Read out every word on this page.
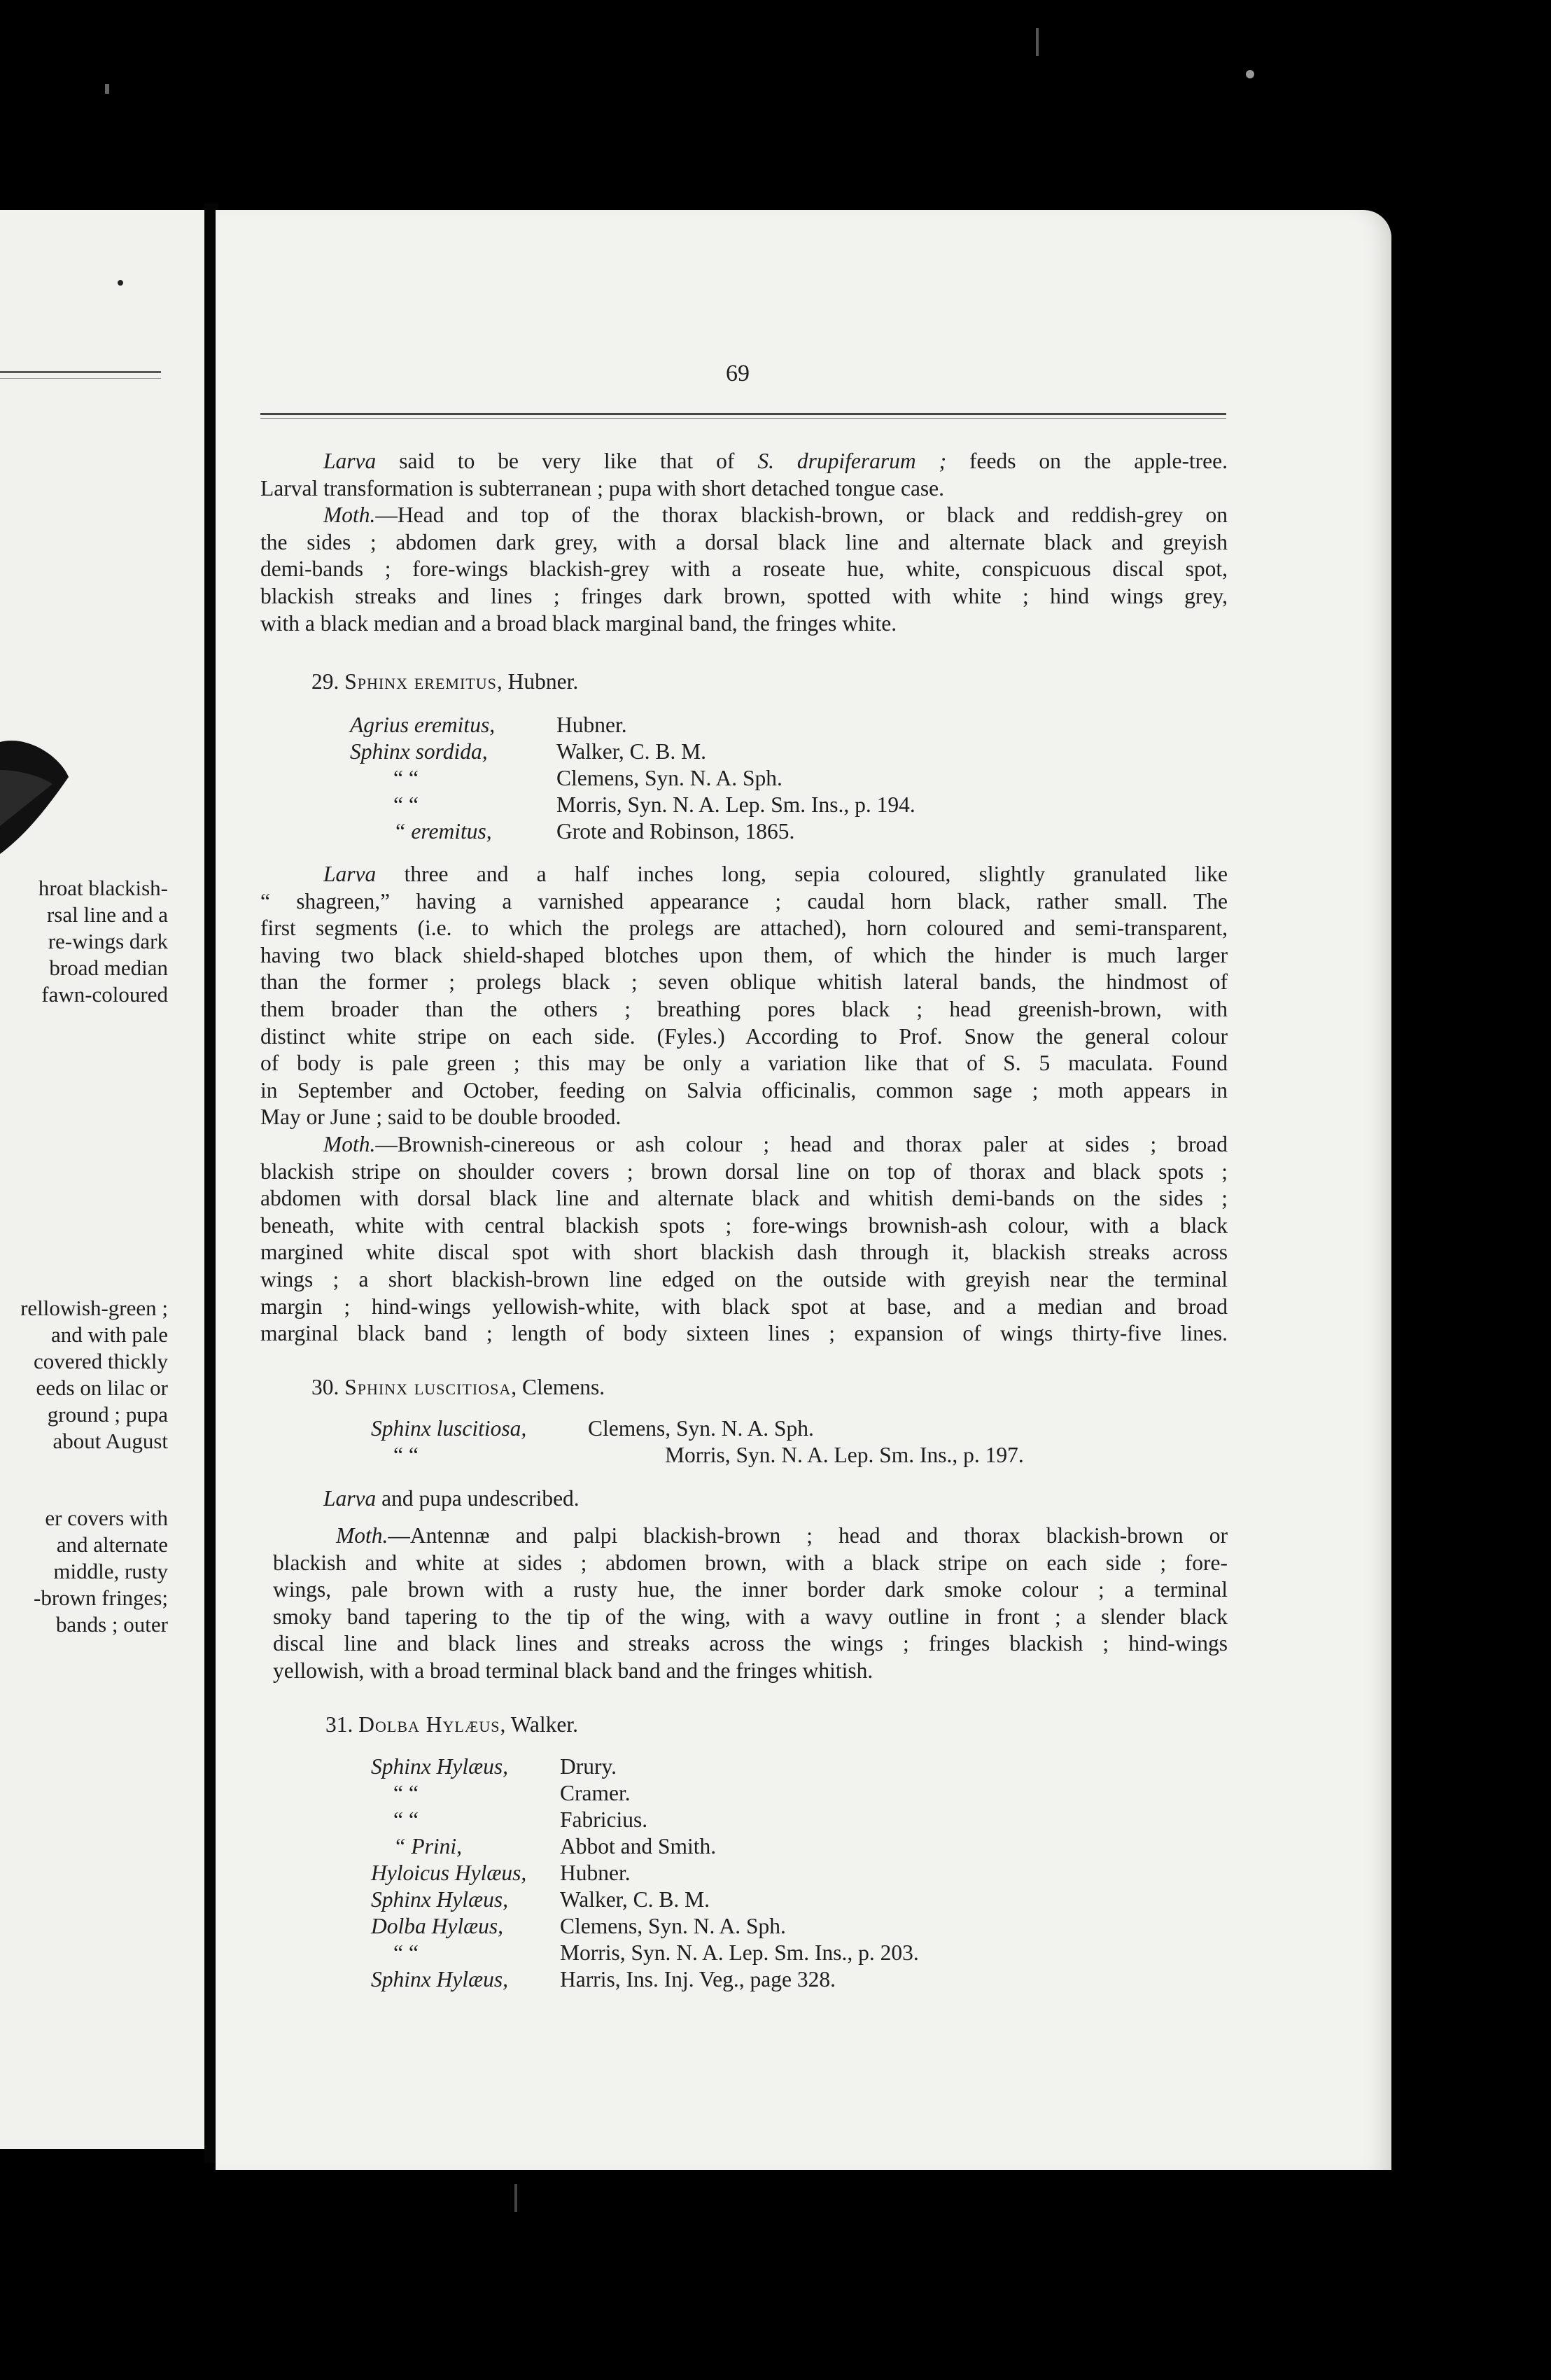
hroat blackish-
rsal line and a
re-wings dark
broad median
fawn-coloured
rellowish-green ;
and with pale
covered thickly
eeds on lilac or
ground ; pupa
about August
er covers with
and alternate
middle, rusty
-brown fringes;
bands ; outer
69
Larva said to be very like that of S. drupiferarum ; feeds on the apple-tree.
Larval transformation is subterranean ; pupa with short detached tongue case.
Moth.—Head and top of the thorax blackish-brown, or black and reddish-grey on
the sides ; abdomen dark grey, with a dorsal black line and alternate black and greyish
demi-bands ; fore-wings blackish-grey with a roseate hue, white, conspicuous discal spot,
blackish streaks and lines ; fringes dark brown, spotted with white ; hind wings grey,
with a black median and a broad black marginal band, the fringes white.
29. Sphinx eremitus, Hubner.
Agrius eremitus,	Hubner.
Sphinx sordida,	Walker, C. B. M.
“ “	Clemens, Syn. N. A. Sph.
“ “	Morris, Syn. N. A. Lep. Sm. Ins., p. 194.
“ eremitus,	Grote and Robinson, 1865.
Larva three and a half inches long, sepia coloured, slightly granulated like
“ shagreen,” having a varnished appearance ; caudal horn black, rather small. The
first segments (i.e. to which the prolegs are attached), horn coloured and semi-transparent,
having two black shield-shaped blotches upon them, of which the hinder is much larger
than the former ; prolegs black ; seven oblique whitish lateral bands, the hindmost of
them broader than the others ; breathing pores black ; head greenish-brown, with
distinct white stripe on each side. (Fyles.) According to Prof. Snow the general colour
of body is pale green ; this may be only a variation like that of S. 5 maculata. Found
in September and October, feeding on Salvia officinalis, common sage ; moth appears in
May or June ; said to be double brooded.
Moth.—Brownish-cinereous or ash colour ; head and thorax paler at sides ; broad
blackish stripe on shoulder covers ; brown dorsal line on top of thorax and black spots ;
abdomen with dorsal black line and alternate black and whitish demi-bands on the sides ;
beneath, white with central blackish spots ; fore-wings brownish-ash colour, with a black
margined white discal spot with short blackish dash through it, blackish streaks across
wings ; a short blackish-brown line edged on the outside with greyish near the terminal
margin ; hind-wings yellowish-white, with black spot at base, and a median and broad
marginal black band ; length of body sixteen lines ; expansion of wings thirty-five lines.
30. Sphinx luscitiosa, Clemens.
Sphinx luscitiosa,	Clemens, Syn. N. A. Sph.
“ “	Morris, Syn. N. A. Lep. Sm. Ins., p. 197.
Larva and pupa undescribed.
Moth.—Antennæ and palpi blackish-brown ; head and thorax blackish-brown or
blackish and white at sides ; abdomen brown, with a black stripe on each side ; fore-
wings, pale brown with a rusty hue, the inner border dark smoke colour ; a terminal
smoky band tapering to the tip of the wing, with a wavy outline in front ; a slender black
discal line and black lines and streaks across the wings ; fringes blackish ; hind-wings
yellowish, with a broad terminal black band and the fringes whitish.
31. Dolba Hylæus, Walker.
Sphinx Hylæus, Drury.
“ “	Cramer.
“ “	Fabricius.
“ Prini,	Abbot and Smith.
Hyloicus Hylæus, Hubner.
Sphinx Hylæus, Walker, C. B. M.
Dolba Hylæus,	Clemens, Syn. N. A. Sph.
“ “	Morris, Syn. N. A. Lep. Sm. Ins., p. 203.
Sphinx Hylæus, Harris, Ins. Inj. Veg., page 328.
